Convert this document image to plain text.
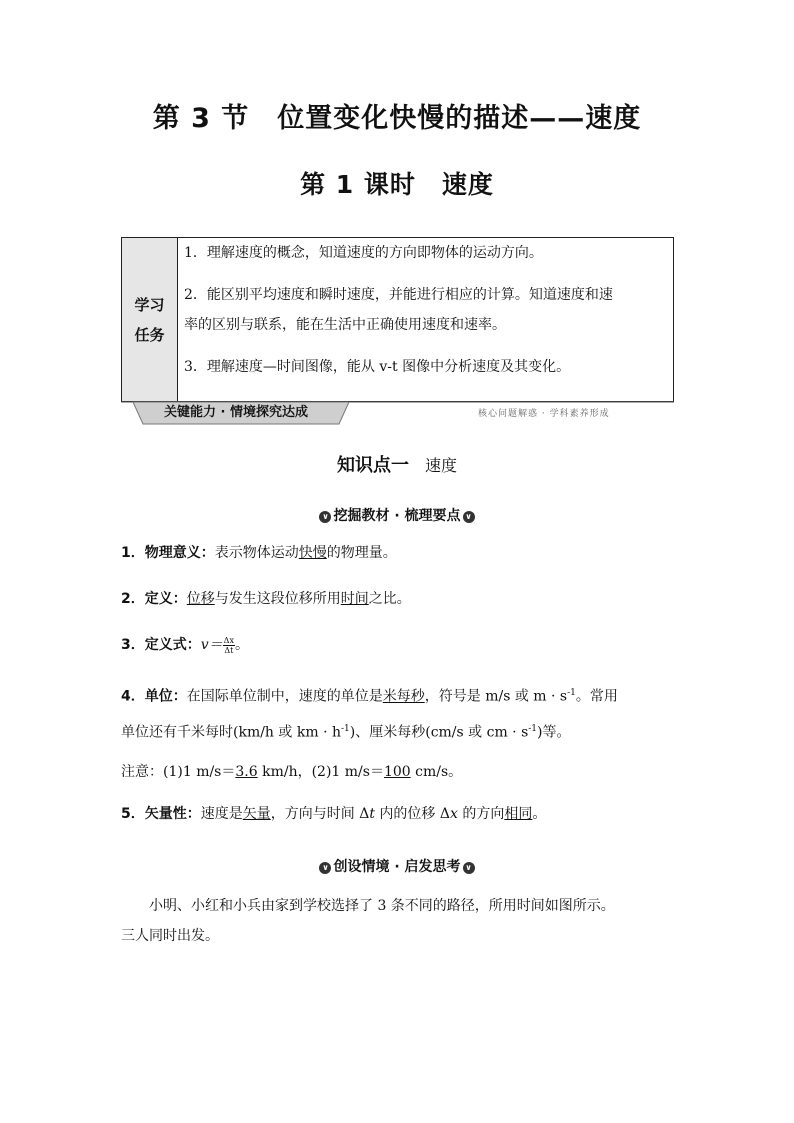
第 3 节　位置变化快慢的描述——速度
第 1 课时　速度
学习
任务
1．理解速度的概念，知道速度的方向即物体的运动方向。
2．能区别平均速度和瞬时速度，并能进行相应的计算。知道速度和速
率的区别与联系，能在生活中正确使用速度和速率。
3．理解速度—时间图像，能从 v-t 图像中分析速度及其变化。
关键能力 · 情境探究达成	核心问题解惑 · 学科素养形成
知识点一 速度
∨ 挖掘教材 · 梳理要点 ∨
1．物理意义：表示物体运动快慢的物理量。
2．定义：位移与发生这段位移所用时间之比。
3．定义式：$v= \frac{\Delta x}{\Delta t}$ 。
4．单位：在国际单位制中，速度的单位是米每秒，符号是 m/s 或 $m \cdot s^{-1}$。常用
单位还有千米每时(km/h 或 km · $h^{-1}$)、厘米每秒(cm/s 或 cm · $s^{-1}$)等。
注意：(1)1 m/s＝3.6 km/h，(2)1 m/s＝100 cm/s。
5．矢量性：速度是矢量，方向与时间 Δt 内的位移 Δx 的方向相同。
∨ 创设情境 · 启发思考 ∨
小明、小红和小兵由家到学校选择了 3 条不同的路径，所用时间如图所示。
三人同时出发。
